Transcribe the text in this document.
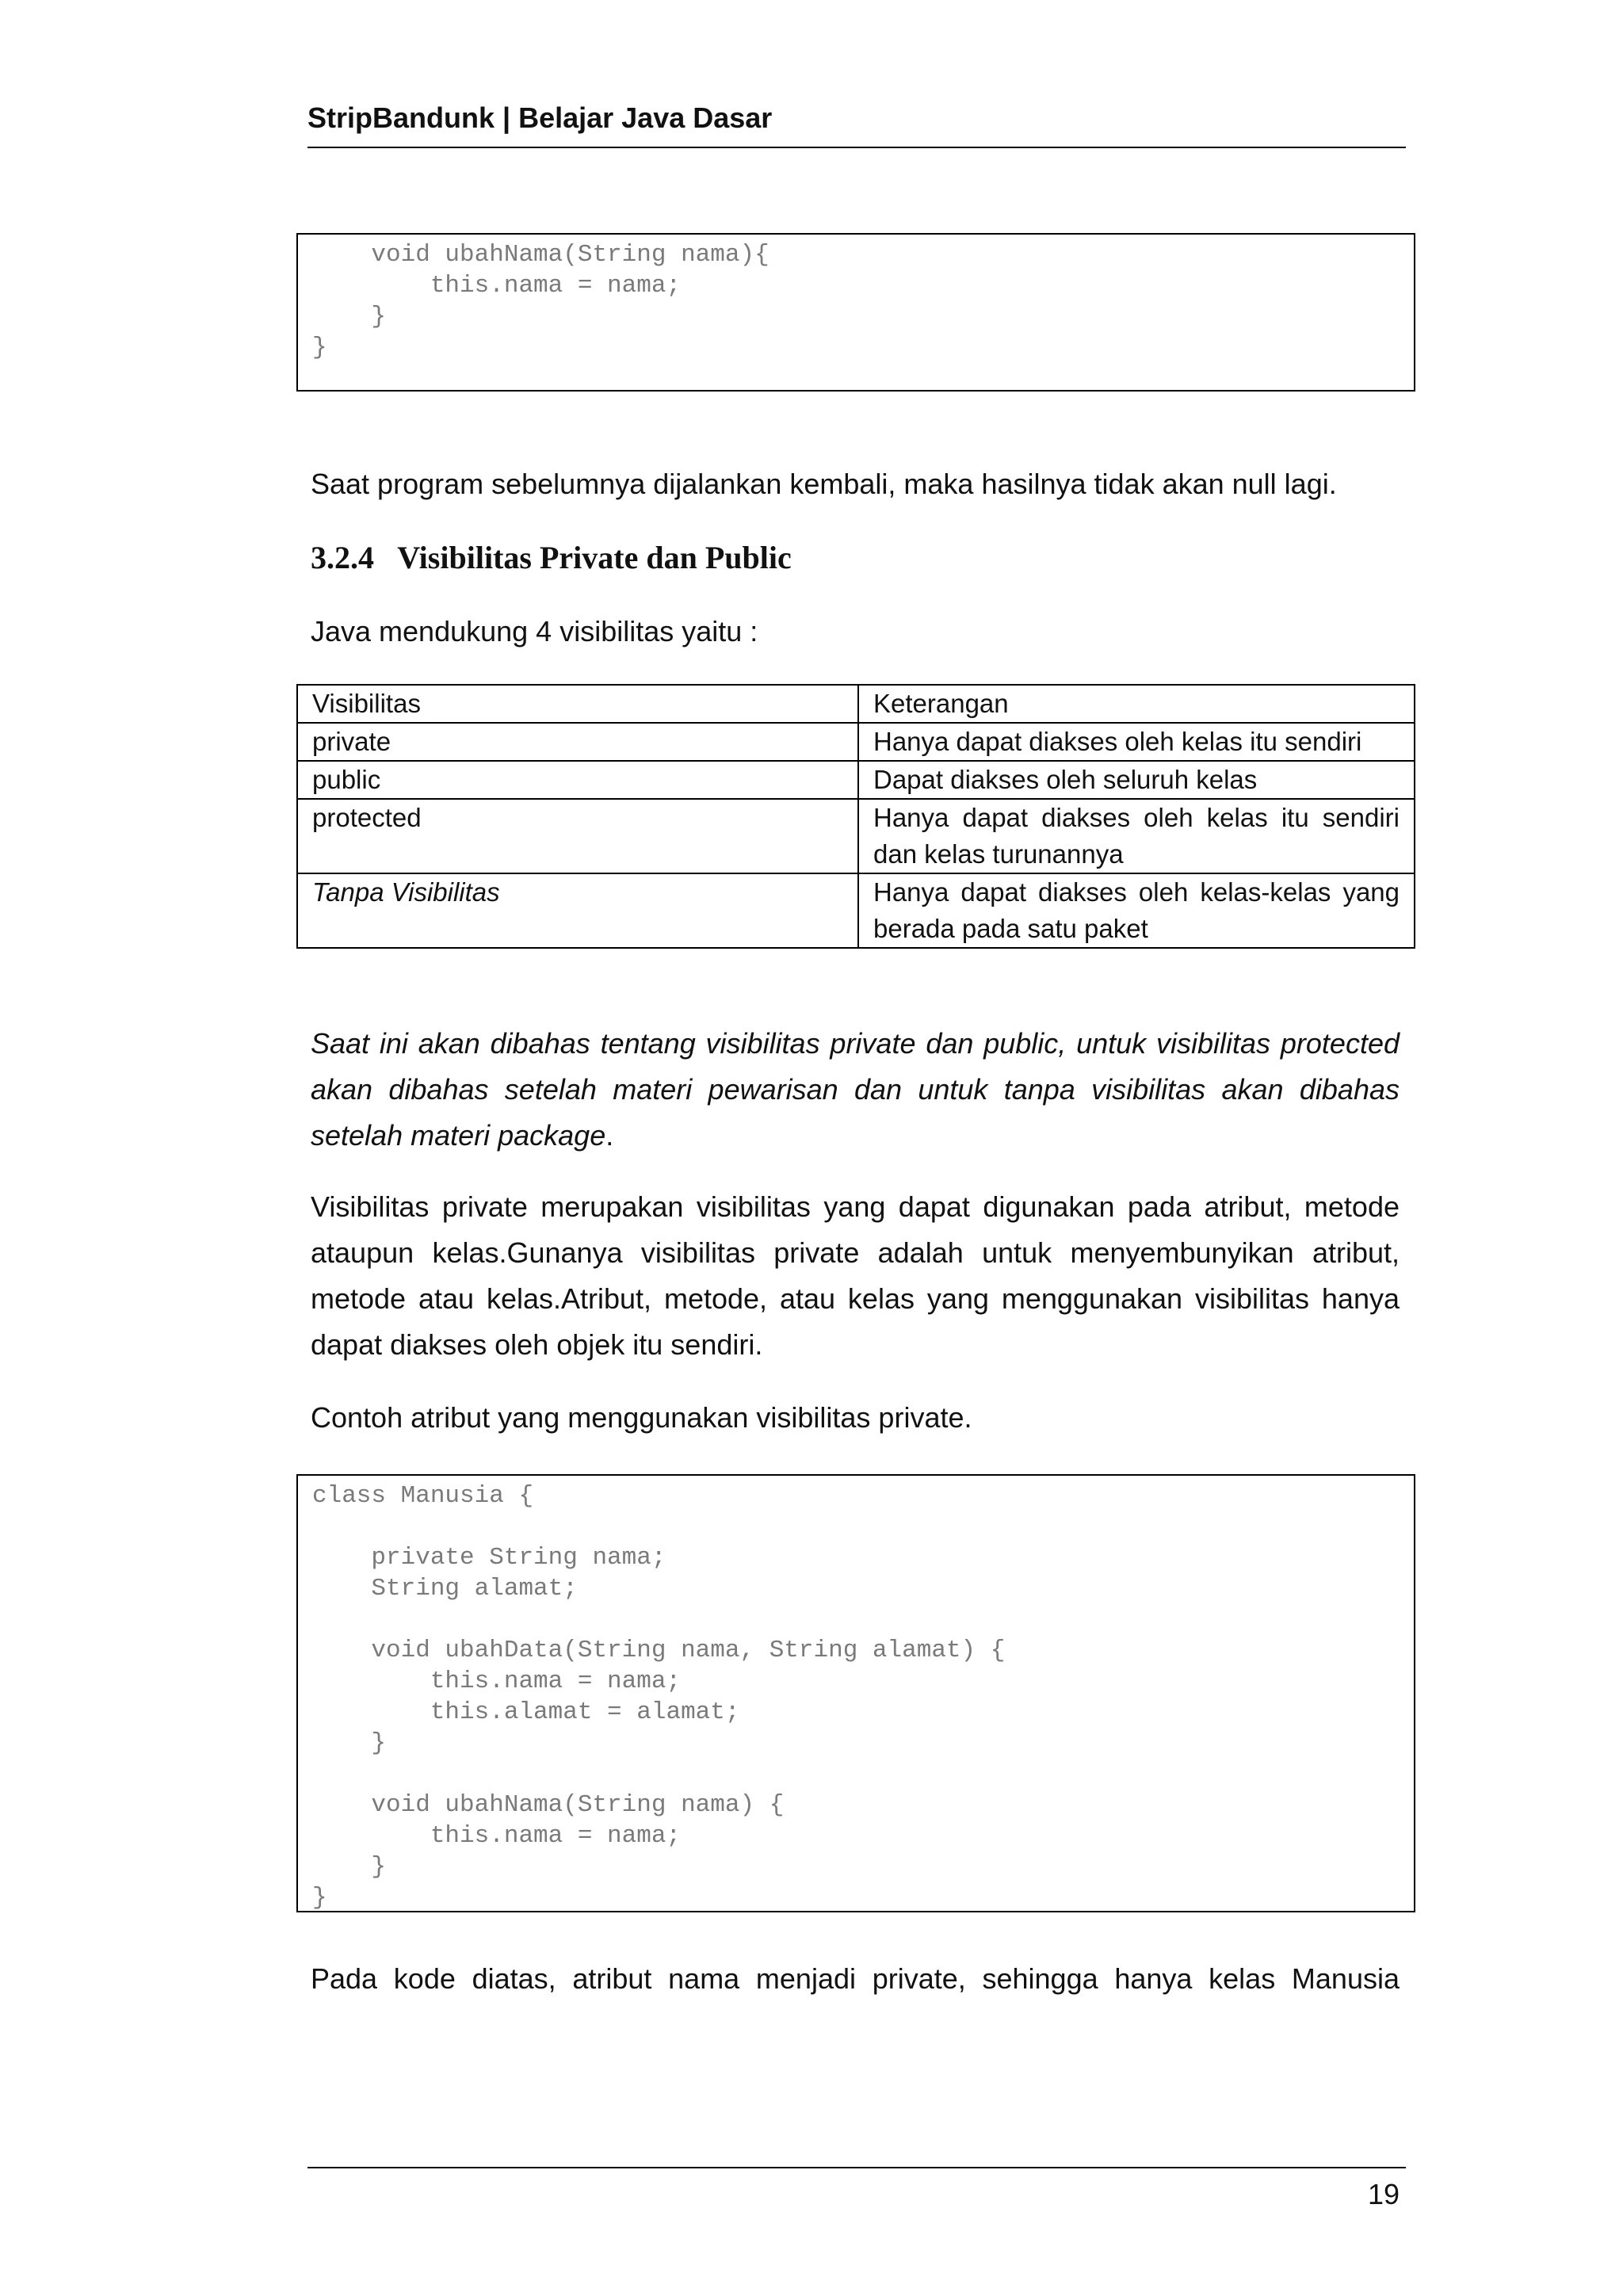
StripBandunk | Belajar Java Dasar
void ubahNama(String nama){
this.nama = nama;
}
}

Saat program sebelumnya dijalankan kembali, maka hasilnya tidak akan null lagi.

3.2.4 Visibilitas Private dan Public

Java mendukung 4 visibilitas yaitu :

Visibilitas	Keterangan
private	Hanya dapat diakses oleh kelas itu sendiri
public	Dapat diakses oleh seluruh kelas
protected	Hanya dapat diakses oleh kelas itu sendiri dan kelas turunannya
Tanpa Visibilitas	Hanya dapat diakses oleh kelas-kelas yang berada pada satu paket

Saat ini akan dibahas tentang visibilitas private dan public, untuk visibilitas protected akan dibahas setelah materi pewarisan dan untuk tanpa visibilitas akan dibahas setelah materi package.

Visibilitas private merupakan visibilitas yang dapat digunakan pada atribut, metode ataupun kelas.Gunanya visibilitas private adalah untuk menyembunyikan atribut, metode atau kelas.Atribut, metode, atau kelas yang menggunakan visibilitas hanya dapat diakses oleh objek itu sendiri.

Contoh atribut yang menggunakan visibilitas private.

class Manusia {

private String nama;
String alamat;

void ubahData(String nama, String alamat) {
this.nama = nama;
this.alamat = alamat;
}

void ubahNama(String nama) {
this.nama = nama;
}
}

Pada kode diatas, atribut nama menjadi private, sehingga hanya kelas Manusia

19
